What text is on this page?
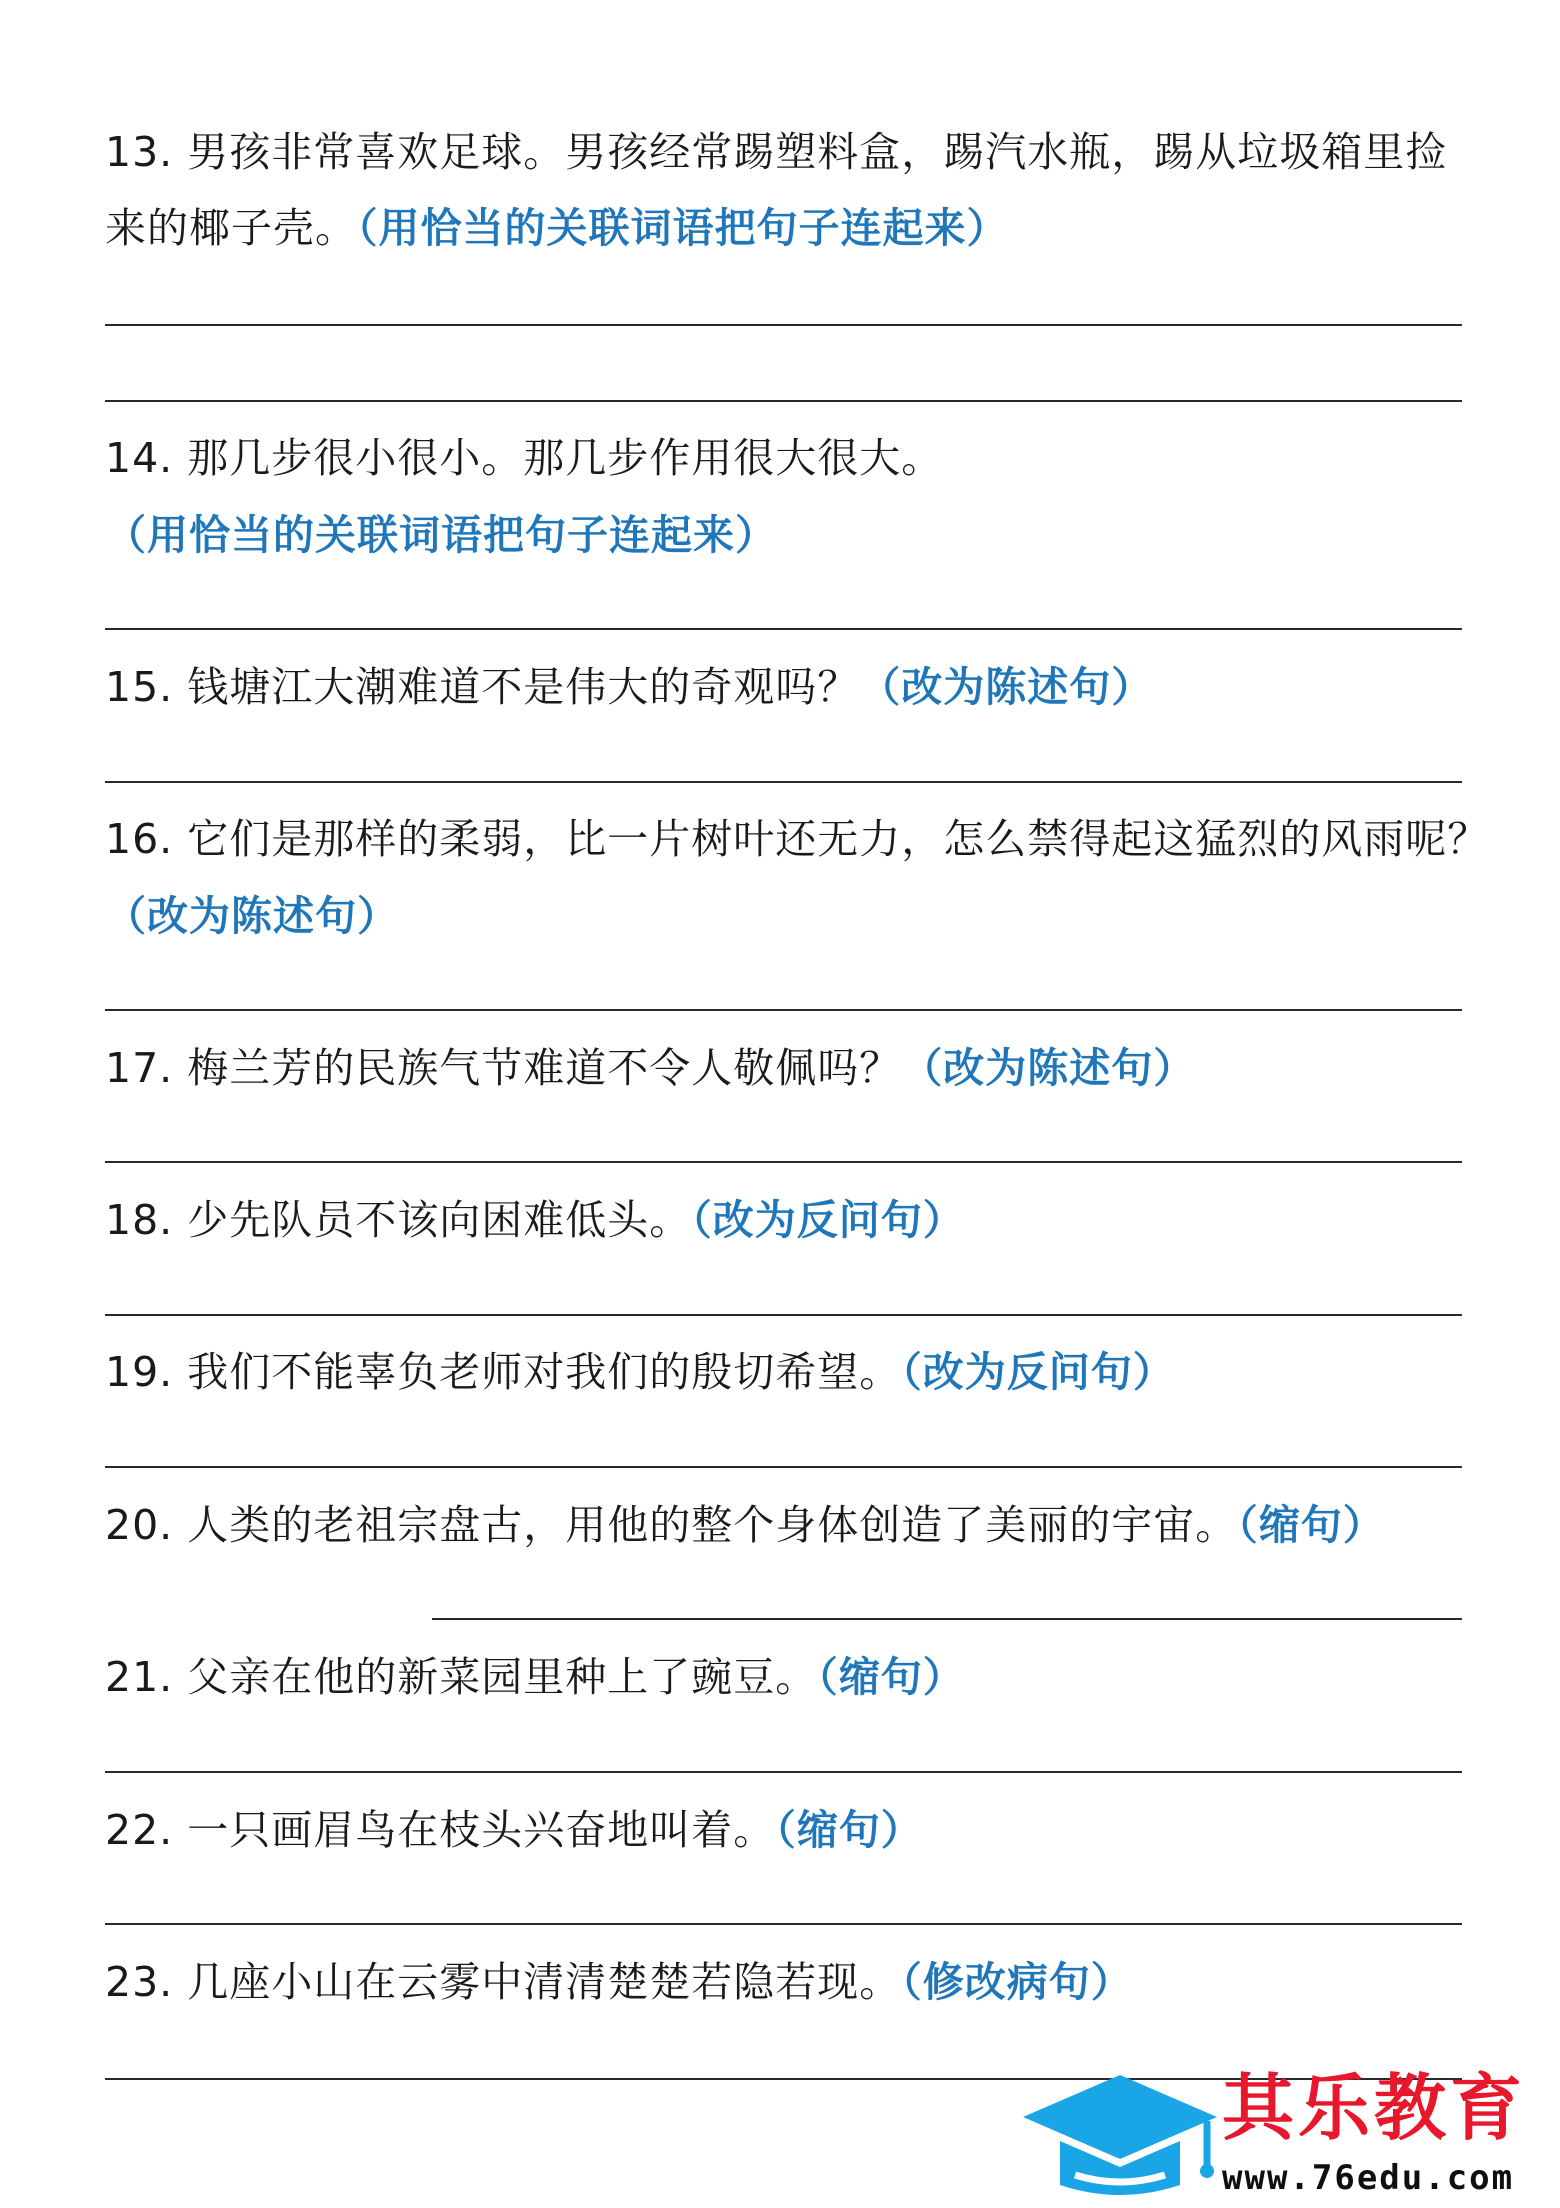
13. 男孩非常喜欢足球。男孩经常踢塑料盒，踢汽水瓶，踢从垃圾箱里捡
来的椰子壳。（用恰当的关联词语把句子连起来）
14. 那几步很小很小。那几步作用很大很大。
（用恰当的关联词语把句子连起来）
15. 钱塘江大潮难道不是伟大的奇观吗？（改为陈述句）
16. 它们是那样的柔弱，比一片树叶还无力，怎么禁得起这猛烈的风雨呢？
（改为陈述句）
17. 梅兰芳的民族气节难道不令人敬佩吗？（改为陈述句）
18. 少先队员不该向困难低头。（改为反问句）
19. 我们不能辜负老师对我们的殷切希望。（改为反问句）
20. 人类的老祖宗盘古，用他的整个身体创造了美丽的宇宙。（缩句）
21. 父亲在他的新菜园里种上了豌豆。（缩句）
22. 一只画眉鸟在枝头兴奋地叫着。（缩句）
23. 几座小山在云雾中清清楚楚若隐若现。（修改病句）
其乐教育
www.76edu.com
